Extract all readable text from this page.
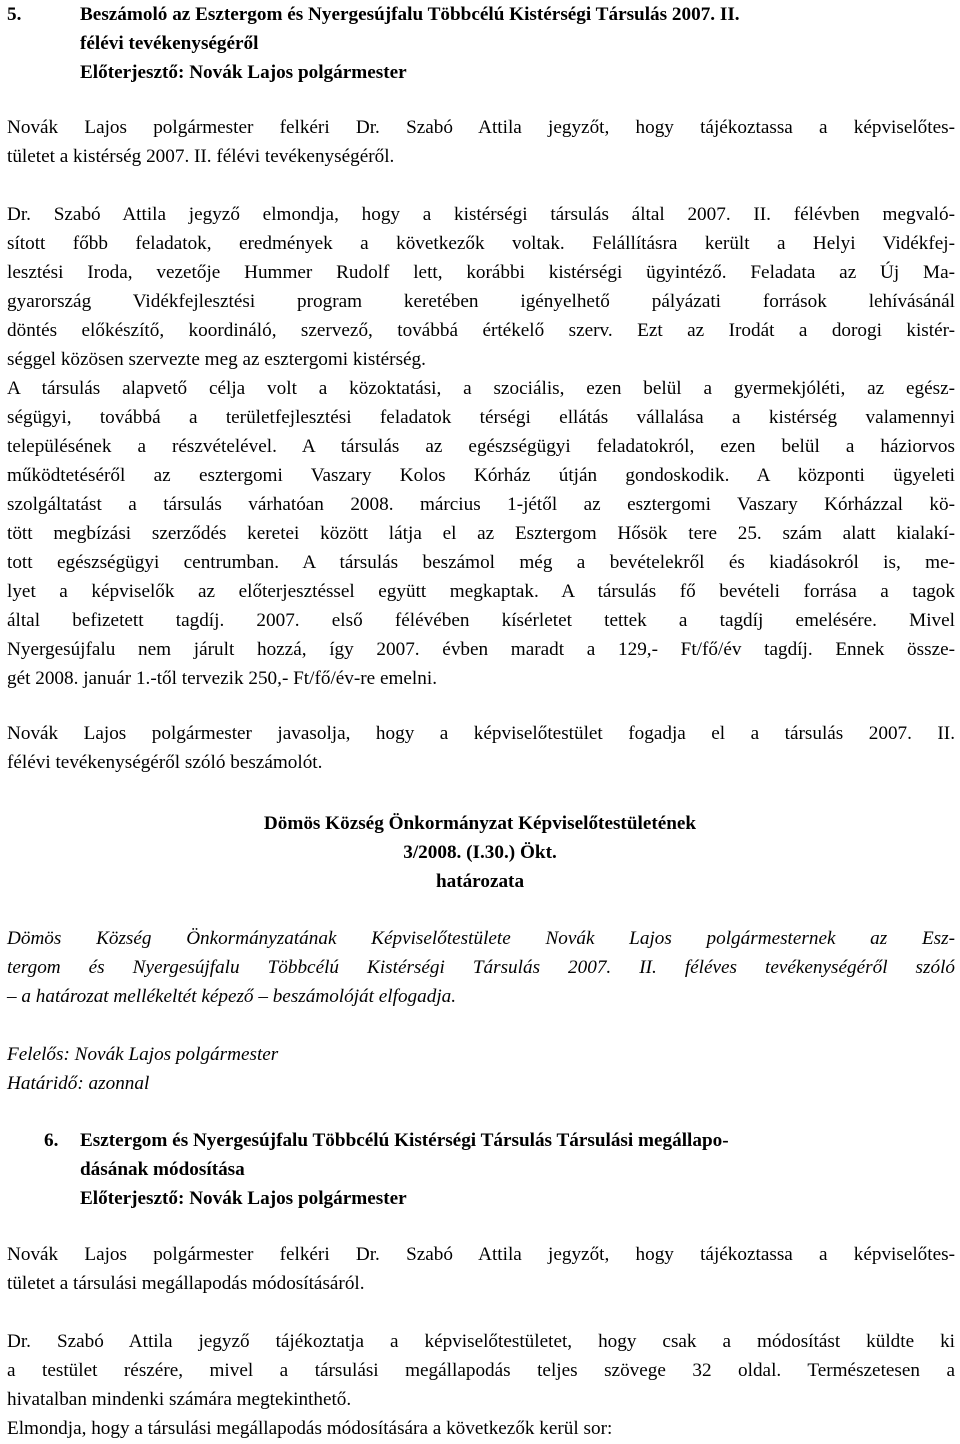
5.	Beszámoló az Esztergom és Nyergesújfalu Többcélú Kistérségi Társulás 2007. II.
félévi tevékenységéről
Előterjesztő: Novák Lajos polgármester
Novák Lajos polgármester felkéri Dr. Szabó Attila jegyzőt, hogy tájékoztassa a képviselőtes-
tületet a kistérség 2007. II. félévi tevékenységéről.
Dr. Szabó Attila jegyző elmondja, hogy a kistérségi társulás által 2007. II. félévben megvaló-
sított főbb feladatok, eredmények a következők voltak. Felállításra került a Helyi Vidékfej-
lesztési Iroda, vezetője Hummer Rudolf lett, korábbi kistérségi ügyintéző. Feladata az Új Ma-
gyarország Vidékfejlesztési program keretében igényelhető pályázati források lehívásánál
döntés előkészítő, koordináló, szervező, továbbá értékelő szerv. Ezt az Irodát a dorogi kistér-
séggel közösen szervezte meg az esztergomi kistérség.
A társulás alapvető célja volt a közoktatási, a szociális, ezen belül a gyermekjóléti, az egész-
ségügyi, továbbá a területfejlesztési feladatok térségi ellátás vállalása a kistérség valamennyi
településének a részvételével. A társulás az egészségügyi feladatokról, ezen belül a háziorvos
működtetéséről az esztergomi Vaszary Kolos Kórház útján gondoskodik. A központi ügyeleti
szolgáltatást a társulás várhatóan 2008. március 1-jétől az esztergomi Vaszary Kórházzal kö-
tött megbízási szerződés keretei között látja el az Esztergom Hősök tere 25. szám alatt kialakí-
tott egészségügyi centrumban. A társulás beszámol még a bevételekről és kiadásokról is, me-
lyet a képviselők az előterjesztéssel együtt megkaptak. A társulás fő bevételi forrása a tagok
által befizetett tagdíj. 2007. első félévében kísérletet tettek a tagdíj emelésére. Mivel
Nyergesújfalu nem járult hozzá, így 2007. évben maradt a 129,- Ft/fő/év tagdíj. Ennek össze-
gét 2008. január 1.-től tervezik 250,- Ft/fő/év-re emelni.
Novák Lajos polgármester javasolja, hogy a képviselőtestület fogadja el a társulás 2007. II.
félévi tevékenységéről szóló beszámolót.
Dömös Község Önkormányzat Képviselőtestületének
3/2008. (I.30.) Ökt.
határozata
Dömös Község Önkormányzatának Képviselőtestülete Novák Lajos polgármesternek az Esz-
tergom és Nyergesújfalu Többcélú Kistérségi Társulás 2007. II. féléves tevékenységéről szóló
– a határozat mellékeltét képező – beszámolóját elfogadja.
Felelős: Novák Lajos polgármester
Határidő: azonnal
6. Esztergom és Nyergesújfalu Többcélú Kistérségi Társulás Társulási megállapo-
dásának módosítása
Előterjesztő: Novák Lajos polgármester
Novák Lajos polgármester felkéri Dr. Szabó Attila jegyzőt, hogy tájékoztassa a képviselőtes-
tületet a társulási megállapodás módosításáról.
Dr. Szabó Attila jegyző tájékoztatja a képviselőtestületet, hogy csak a módosítást küldte ki
a testület részére, mivel a társulási megállapodás teljes szövege 32 oldal. Természetesen a
hivatalban mindenki számára megtekinthető.
Elmondja, hogy a társulási megállapodás módosítására a következők kerül sor:
